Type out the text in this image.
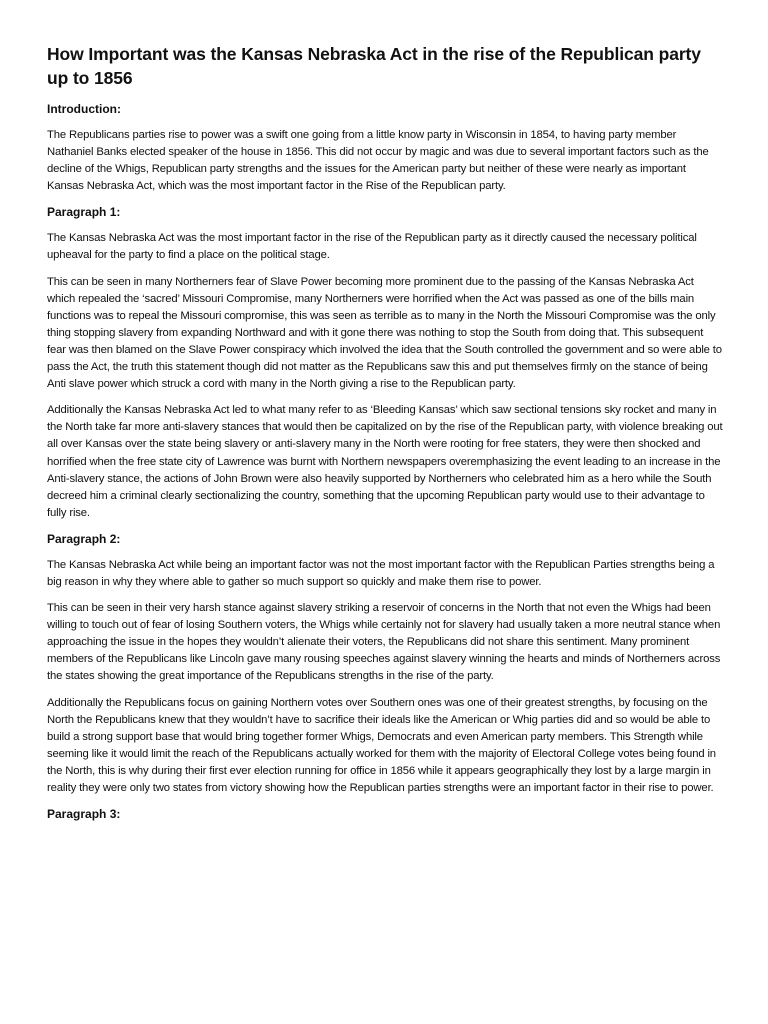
How Important was the Kansas Nebraska Act in the rise of the Republican party up to 1856
Introduction:

The Republicans parties rise to power was a swift one going from a little know party in Wisconsin in 1854, to having party member Nathaniel Banks elected speaker of the house in 1856. This did not occur by magic and was due to several important factors such as the decline of the Whigs, Republican party strengths and the issues for the American party but neither of these were nearly as important Kansas Nebraska Act, which was the most important factor in the Rise of the Republican party.

Paragraph 1:

The Kansas Nebraska Act was the most important factor in the rise of the Republican party as it directly caused the necessary political upheaval for the party to find a place on the political stage.

This can be seen in many Northerners fear of Slave Power becoming more prominent due to the passing of the Kansas Nebraska Act which repealed the ‘sacred’ Missouri Compromise, many Northerners were horrified when the Act was passed as one of the bills main functions was to repeal the Missouri compromise, this was seen as terrible as to many in the North the Missouri Compromise was the only thing stopping slavery from expanding Northward and with it gone there was nothing to stop the South from doing that. This subsequent fear was then blamed on the Slave Power conspiracy which involved the idea that the South controlled the government and so were able to pass the Act, the truth this statement though did not matter as the Republicans saw this and put themselves firmly on the stance of being Anti slave power which struck a cord with many in the North giving a rise to the Republican party.

Additionally the Kansas Nebraska Act led to what many refer to as ‘Bleeding Kansas’ which saw sectional tensions sky rocket and many in the North take far more anti-slavery stances that would then be capitalized on by the rise of the Republican party, with violence breaking out all over Kansas over the state being slavery or anti-slavery many in the North were rooting for free staters, they were then shocked and horrified when the free state city of Lawrence was burnt with Northern newspapers overemphasizing the event leading to an increase in the Anti-slavery stance, the actions of John Brown were also heavily supported by Northerners who celebrated him as a hero while the South decreed him a criminal clearly sectionalizing the country, something that the upcoming Republican party would use to their advantage to fully rise.

Paragraph 2:

The Kansas Nebraska Act while being an important factor was not the most important factor with the Republican Parties strengths being a big reason in why they where able to gather so much support so quickly and make them rise to power.

This can be seen in their very harsh stance against slavery striking a reservoir of concerns in the North that not even the Whigs had been willing to touch out of fear of losing Southern voters, the Whigs while certainly not for slavery had usually taken a more neutral stance when approaching the issue in the hopes they wouldn’t alienate their voters, the Republicans did not share this sentiment. Many prominent members of the Republicans like Lincoln gave many rousing speeches against slavery winning the hearts and minds of Northerners across the states showing the great importance of the Republicans strengths in the rise of the party.

Additionally the Republicans focus on gaining Northern votes over Southern ones was one of their greatest strengths, by focusing on the North the Republicans knew that they wouldn’t have to sacrifice their ideals like the American or Whig parties did and so would be able to build a strong support base that would bring together former Whigs, Democrats and even American party members. This Strength while seeming like it would limit the reach of the Republicans actually worked for them with the majority of Electoral College votes being found in the North, this is why during their first ever election running for office in 1856 while it appears geographically they lost by a large margin in reality they were only two states from victory showing how the Republican parties strengths were an important factor in their rise to power.

Paragraph 3:
